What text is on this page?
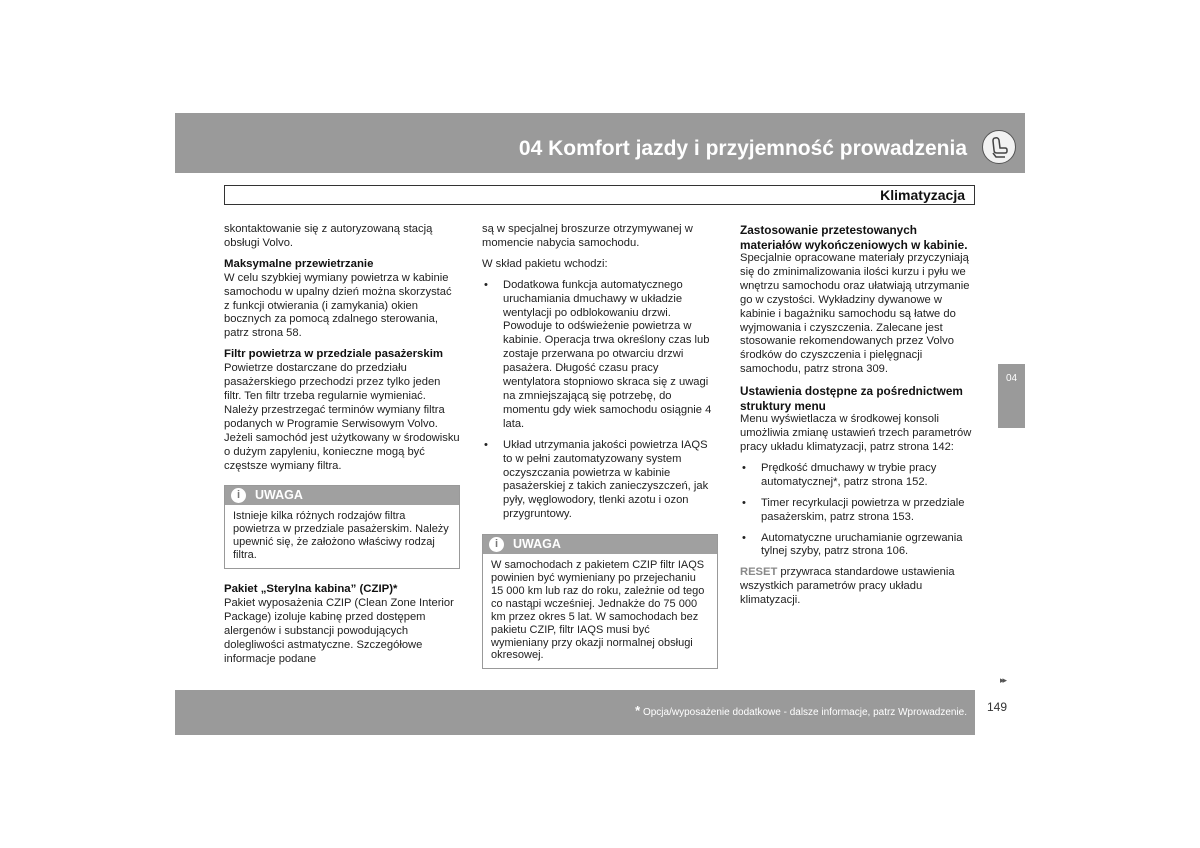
04 Komfort jazdy i przyjemność prowadzenia
Klimatyzacja

skontaktowanie się z autoryzowaną stacją obsługi Volvo.

Maksymalne przewietrzanie

W celu szybkiej wymiany powietrza w kabinie samochodu w upalny dzień można skorzystać z funkcji otwierania (i zamykania) okien bocznych za pomocą zdalnego sterowania, patrz strona 58.

Filtr powietrza w przedziale pasażerskim

Powietrze dostarczane do przedziału pasażerskiego przechodzi przez tylko jeden filtr. Ten filtr trzeba regularnie wymieniać. Należy przestrzegać terminów wymiany filtra podanych w Programie Serwisowym Volvo. Jeżeli samochód jest użytkowany w środowisku o dużym zapyleniu, konieczne mogą być częstsze wymiany filtra.

i	UWAGA
Istnieje kilka różnych rodzajów filtra powietrza w przedziale pasażerskim. Należy upewnić się, że założono właściwy rodzaj filtra.
Pakiet „Sterylna kabina” (CZIP)*

Pakiet wyposażenia CZIP (Clean Zone Interior Package) izoluje kabinę przed dostępem alergenów i substancji powodujących dolegliwości astmatyczne. Szczegółowe informacje podane

są w specjalnej broszurze otrzymywanej w momencie nabycia samochodu.

W skład pakietu wchodzi:

• Dodatkowa funkcja automatycznego uruchamiania dmuchawy w układzie wentylacji po odblokowaniu drzwi. Powoduje to odświeżenie powietrza w kabinie. Operacja trwa określony czas lub zostaje przerwana po otwarciu drzwi pasażera. Długość czasu pracy wentylatora stopniowo skraca się z uwagi na zmniejszającą się potrzebę, do momentu gdy wiek samochodu osiągnie 4 lata.
• Układ utrzymania jakości powietrza IAQS to w pełni zautomatyzowany system oczyszczania powietrza w kabinie pasażerskiej z takich zanieczyszczeń, jak pyły, węglowodory, tlenki azotu i ozon przygruntowy.
i	UWAGA
W samochodach z pakietem CZIP filtr IAQS powinien być wymieniany po przejechaniu 15 000 km lub raz do roku, zależnie od tego co nastąpi wcześniej. Jednakże do 75 000 km przez okres 5 lat. W samochodach bez pakietu CZIP, filtr IAQS musi być wymieniany przy okazji normalnej obsługi okresowej.
Zastosowanie przetestowanych materiałów wykończeniowych w kabinie.

Specjalnie opracowane materiały przyczyniają się do zminimalizowania ilości kurzu i pyłu we wnętrzu samochodu oraz ułatwiają utrzymanie go w czystości. Wykładziny dywanowe w kabinie i bagażniku samochodu są łatwe do wyjmowania i czyszczenia. Zalecane jest stosowanie rekomendowanych przez Volvo środków do czyszczenia i pielęgnacji samochodu, patrz strona 309.

Ustawienia dostępne za pośrednictwem struktury menu

Menu wyświetlacza w środkowej konsoli umożliwia zmianę ustawień trzech parametrów pracy układu klimatyzacji, patrz strona 142:

• Prędkość dmuchawy w trybie pracy automatycznej*, patrz strona 152.
• Timer recyrkulacji powietrza w przedziale pasażerskim, patrz strona 153.
• Automatyczne uruchamianie ogrzewania tylnej szyby, patrz strona 106.

RESET przywraca standardowe ustawienia wszystkich parametrów pracy układu klimatyzacji.

04
▸▸
* Opcja/wyposażenie dodatkowe - dalsze informacje, patrz Wprowadzenie. 149
